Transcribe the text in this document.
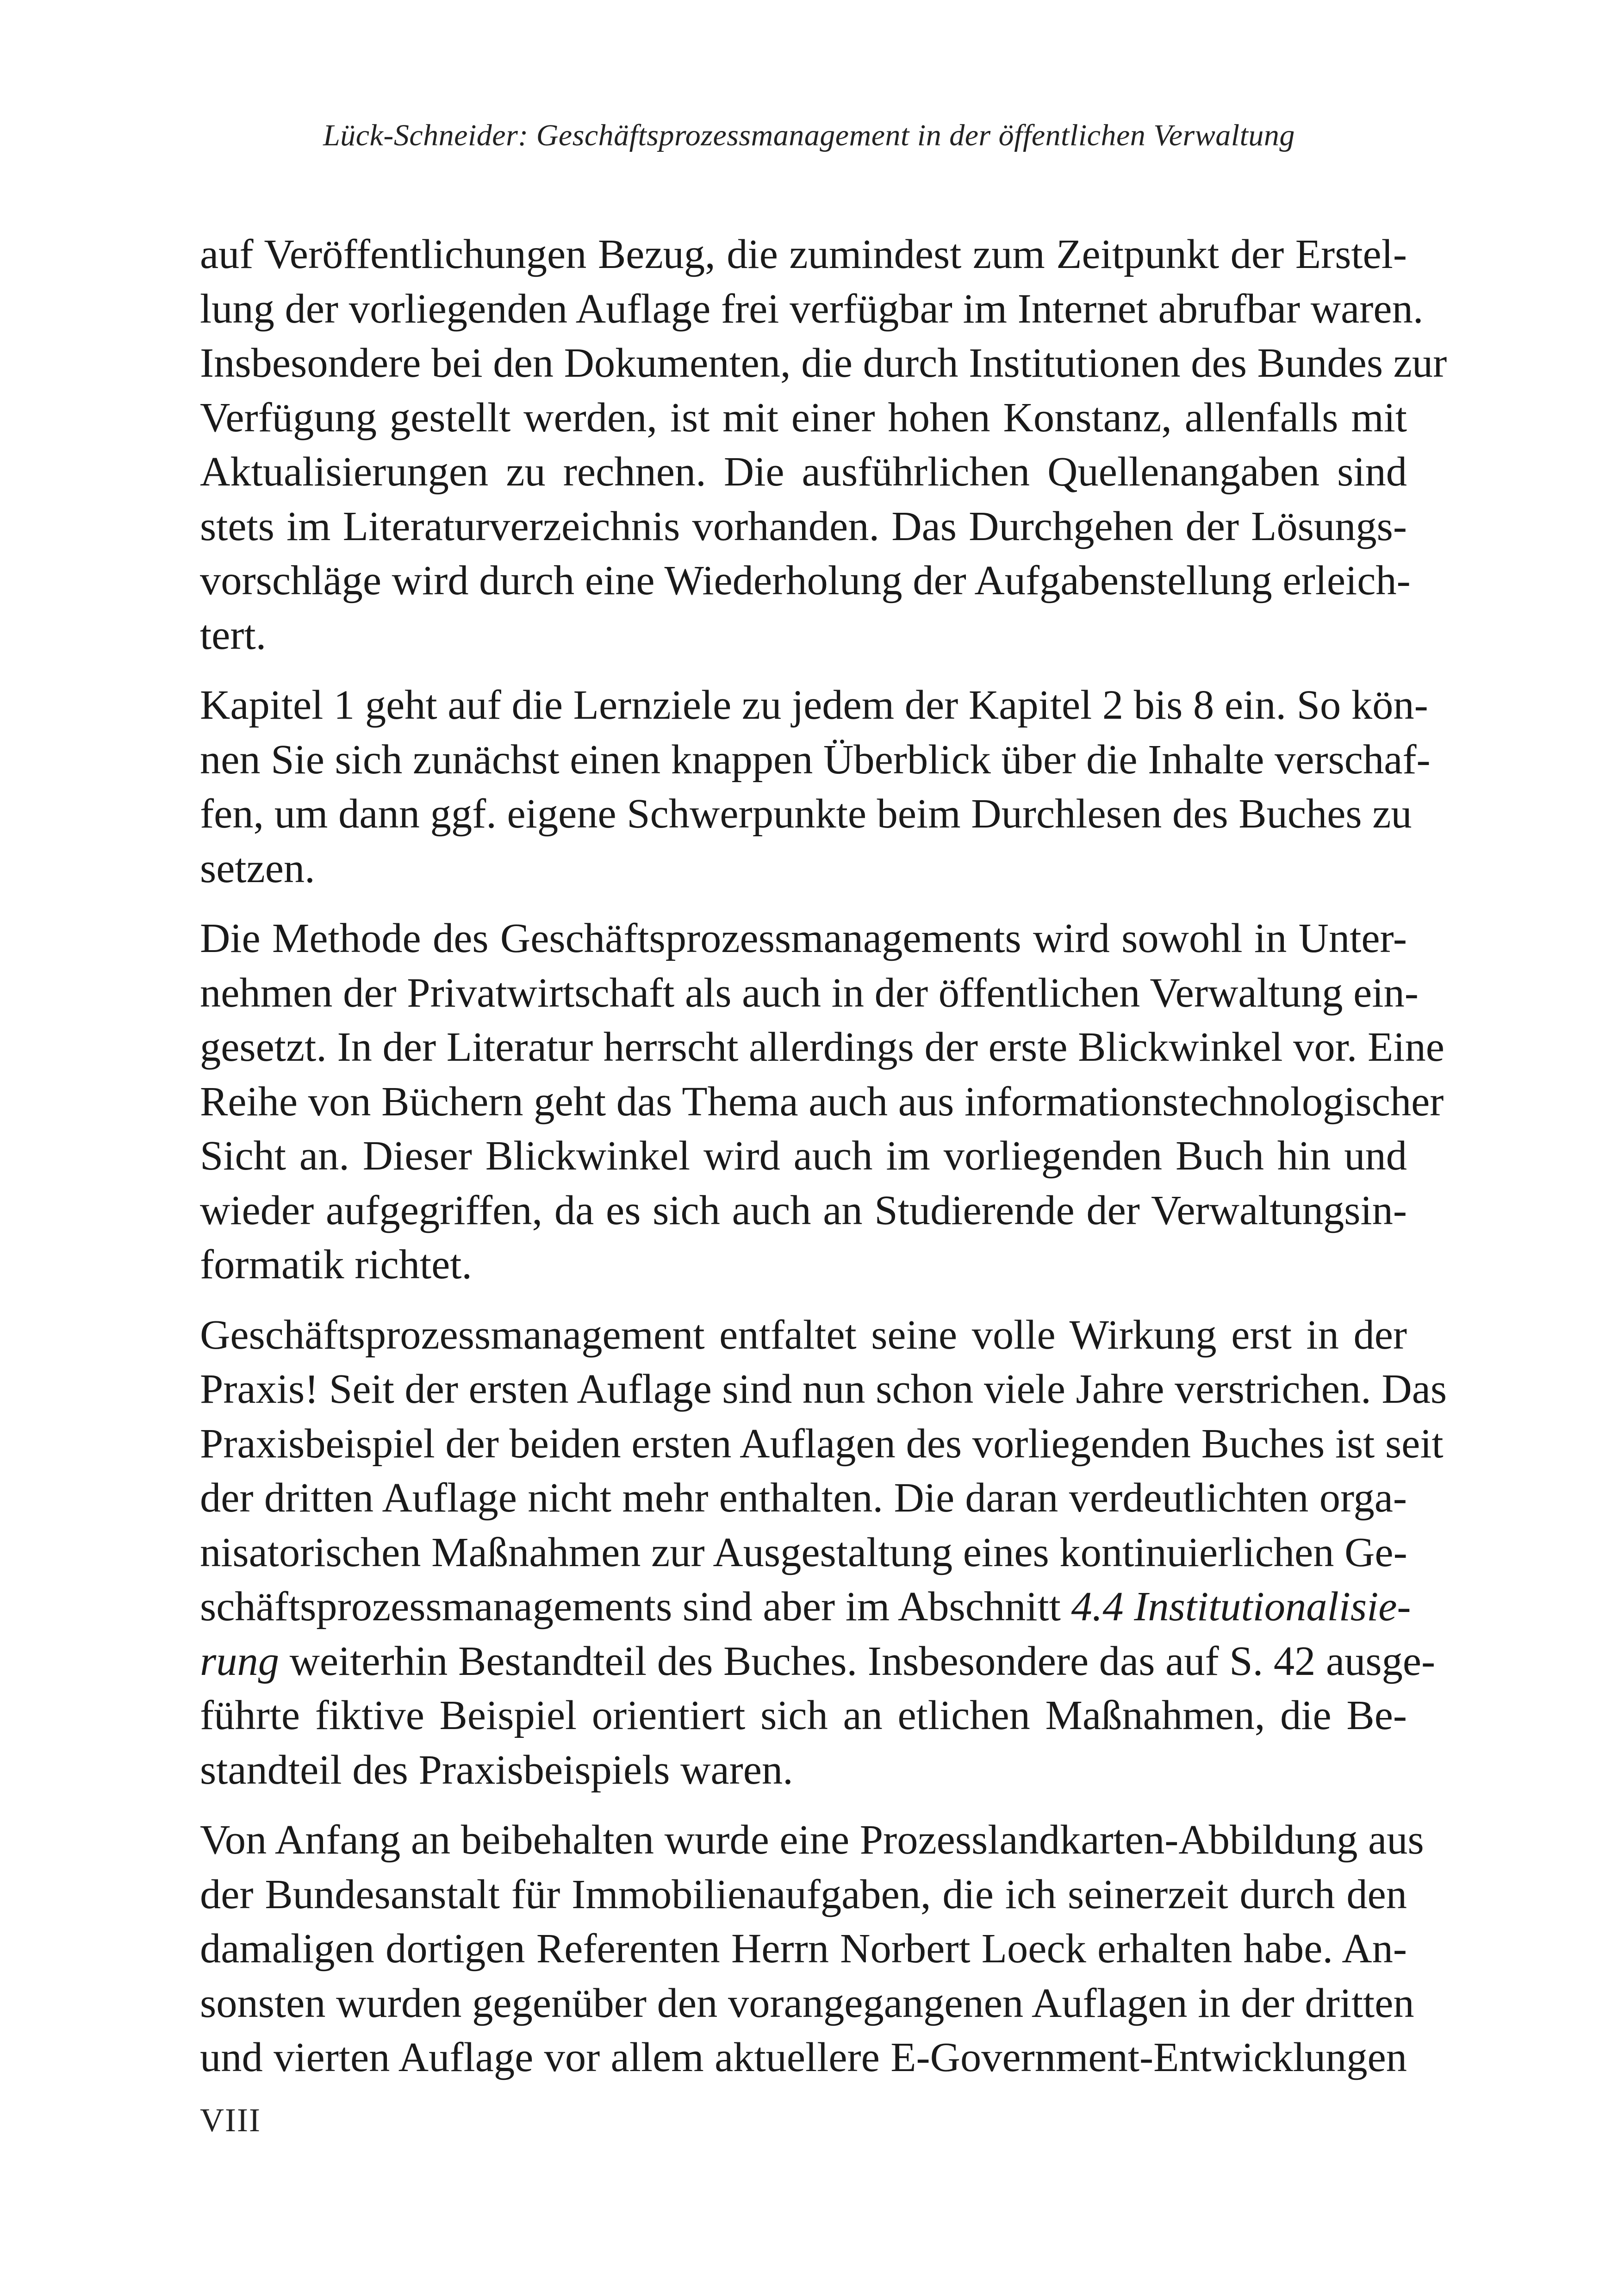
Lück-Schneider: Geschäftsprozessmanagement in der öffentlichen Verwaltung

auf Veröffentlichungen Bezug, die zumindest zum Zeitpunkt der Erstel-
lung der vorliegenden Auflage frei verfügbar im Internet abrufbar waren.
Insbesondere bei den Dokumenten, die durch Institutionen des Bundes zur
Verfügung gestellt werden, ist mit einer hohen Konstanz, allenfalls mit
Aktualisierungen zu rechnen. Die ausführlichen Quellenangaben sind
stets im Literaturverzeichnis vorhanden. Das Durchgehen der Lösungs-
vorschläge wird durch eine Wiederholung der Aufgabenstellung erleich-
tert.

Kapitel 1 geht auf die Lernziele zu jedem der Kapitel 2 bis 8 ein. So kön-
nen Sie sich zunächst einen knappen Überblick über die Inhalte verschaf-
fen, um dann ggf. eigene Schwerpunkte beim Durchlesen des Buches zu
setzen.

Die Methode des Geschäftsprozessmanagements wird sowohl in Unter-
nehmen der Privatwirtschaft als auch in der öffentlichen Verwaltung ein-
gesetzt. In der Literatur herrscht allerdings der erste Blickwinkel vor. Eine
Reihe von Büchern geht das Thema auch aus informationstechnologischer
Sicht an. Dieser Blickwinkel wird auch im vorliegenden Buch hin und
wieder aufgegriffen, da es sich auch an Studierende der Verwaltungsin-
formatik richtet.

Geschäftsprozessmanagement entfaltet seine volle Wirkung erst in der
Praxis! Seit der ersten Auflage sind nun schon viele Jahre verstrichen. Das
Praxisbeispiel der beiden ersten Auflagen des vorliegenden Buches ist seit
der dritten Auflage nicht mehr enthalten. Die daran verdeutlichten orga-
nisatorischen Maßnahmen zur Ausgestaltung eines kontinuierlichen Ge-
schäftsprozessmanagements sind aber im Abschnitt 4.4 Institutionalisie-
rung weiterhin Bestandteil des Buches. Insbesondere das auf S. 42 ausge-
führte fiktive Beispiel orientiert sich an etlichen Maßnahmen, die Be-
standteil des Praxisbeispiels waren.

Von Anfang an beibehalten wurde eine Prozesslandkarten-Abbildung aus
der Bundesanstalt für Immobilienaufgaben, die ich seinerzeit durch den
damaligen dortigen Referenten Herrn Norbert Loeck erhalten habe. An-
sonsten wurden gegenüber den vorangegangenen Auflagen in der dritten
und vierten Auflage vor allem aktuellere E-Government-Entwicklungen

VIII
